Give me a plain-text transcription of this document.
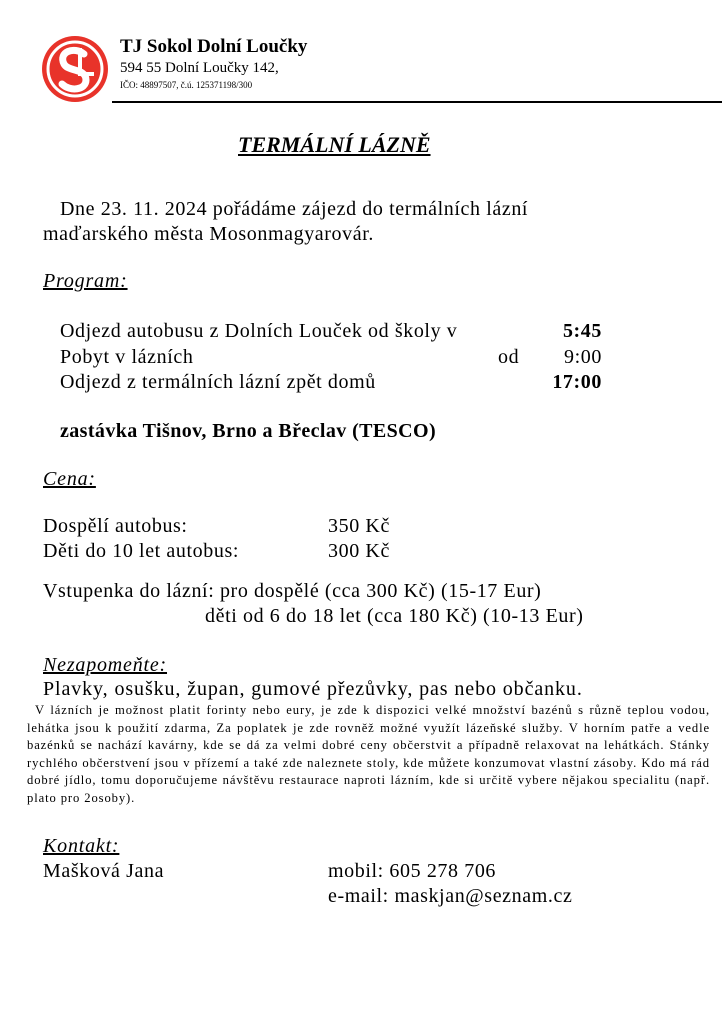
TJ Sokol Dolní Loučky
594 55 Dolní Loučky 142,
IČO: 48897507, č.ú. 125371198/300
TERMÁLNÍ LÁZNĚ
Dne 23. 11. 2024 pořádáme zájezd do termálních lázní
maďarského města Mosonmagyarovár.
Program:
Odjezd autobusu z Dolních Louček od školy v	5:45
Pobyt v lázních	od 9:00
Odjezd z termálních lázní zpět domů	17:00
zastávka Tišnov, Brno a Břeclav (TESCO)
Cena:
Dospělí autobus:	350 Kč
Děti do 10 let autobus:	300 Kč
Vstupenka do lázní: pro dospělé (cca 300 Kč) (15-17 Eur)
děti od 6 do 18 let (cca 180 Kč) (10-13 Eur)
Nezapomeňte:
Plavky, osušku, župan, gumové přezůvky, pas nebo občanku.
V lázních je možnost platit forinty nebo eury, je zde k dispozici velké množství bazénů s různě teplou vodou, lehátka jsou k použití zdarma, Za poplatek je zde rovněž možné využít lázeňské služby. V horním patře a vedle bazénků se nachází kavárny, kde se dá za velmi dobré ceny občerstvit a případně relaxovat na lehátkách. Stánky rychlého občerstvení jsou v přízemí a také zde naleznete stoly, kde můžete konzumovat vlastní zásoby. Kdo má rád dobré jídlo, tomu doporučujeme návštěvu restaurace naproti lázním, kde si určitě vybere nějakou specialitu (např. plato pro 2osoby).
Kontakt:
Mašková Jana	mobil: 605 278 706
e-mail: maskjan@seznam.cz
